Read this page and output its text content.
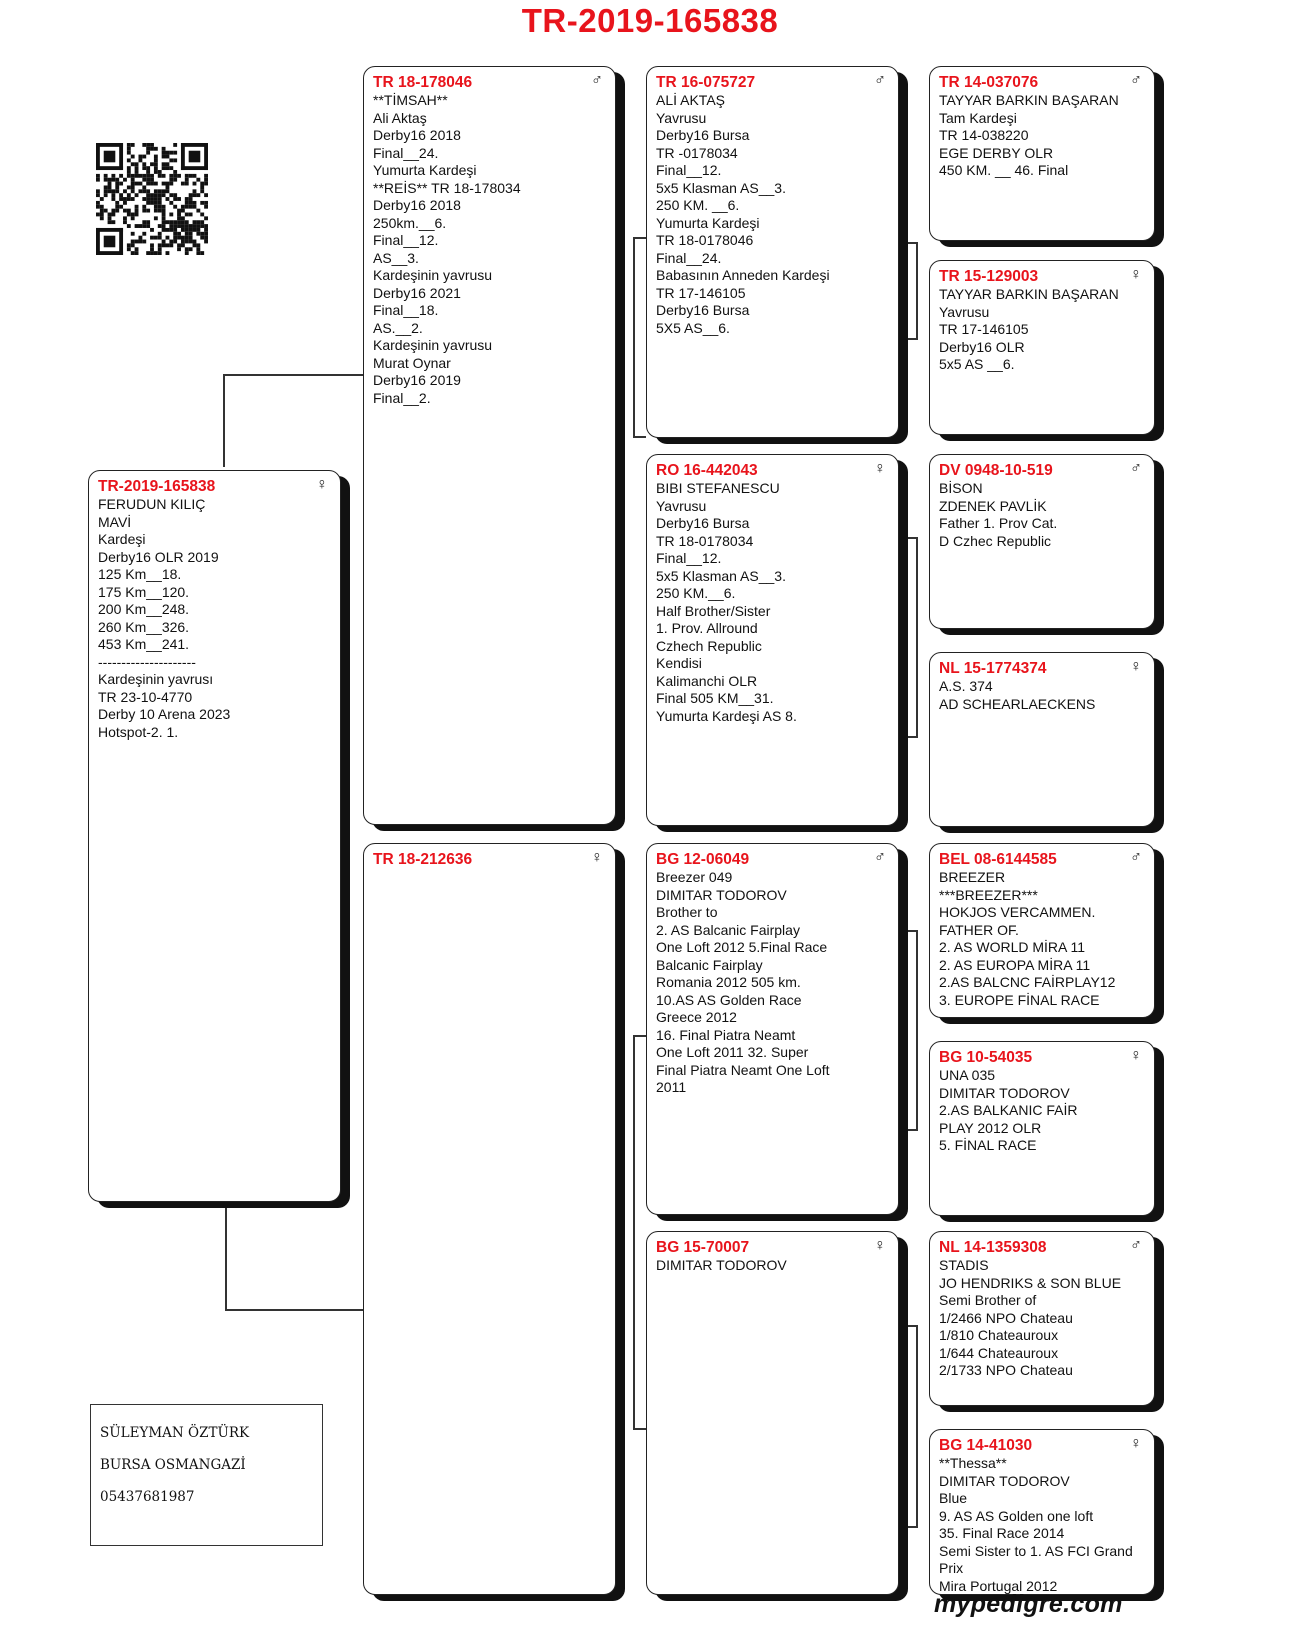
TR-2019-165838
TR-2019-165838	♀
FERUDUN KILIÇ
MAVİ
Kardeşi
Derby16 OLR 2019
125 Km__18.
175 Km__120.
200 Km__248.
260 Km__326.
453 Km__241.
---------------------
Kardeşinin yavrusı
TR 23-10-4770
Derby 10 Arena 2023
Hotspot-2. 1.
TR 18-178046	♂
**TİMSAH**
Ali Aktaş
Derby16 2018
Final__24.
Yumurta Kardeşi
**REİS** TR 18-178034
Derby16 2018
250km.__6.
Final__12.
AS__3.
Kardeşinin yavrusu
Derby16 2021
Final__18.
AS.__2.
Kardeşinin yavrusu
Murat Oynar
Derby16 2019
Final__2.
TR 18-212636	♀
TR 16-075727	♂
ALİ AKTAŞ
Yavrusu
Derby16 Bursa
TR -0178034
Final__12.
5x5 Klasman AS__3.
250 KM. __6.
Yumurta Kardeşi
TR 18-0178046
Final__24.
Babasının Anneden Kardeşi
TR 17-146105
Derby16 Bursa
5X5 AS__6.
RO 16-442043	♀
BIBI STEFANESCU
Yavrusu
Derby16 Bursa
TR 18-0178034
Final__12.
5x5 Klasman AS__3.
250 KM.__6.
Half Brother/Sister
1. Prov. Allround
Czhech Republic
Kendisi
Kalimanchi OLR
Final 505 KM__31.
Yumurta Kardeşi AS 8.
BG 12-06049	♂
Breezer 049
DIMITAR TODOROV
Brother to
2. AS Balcanic Fairplay
One Loft 2012 5.Final Race
Balcanic Fairplay
Romania 2012 505 km.
10.AS AS Golden Race
Greece 2012
16. Final Piatra Neamt
One Loft 2011 32. Super
Final Piatra Neamt One Loft
2011
BG 15-70007	♀
DIMITAR TODOROV
TR 14-037076	♂
TAYYAR BARKIN BAŞARAN
Tam Kardeşi
TR 14-038220
EGE DERBY OLR
450 KM. __ 46. Final
TR 15-129003	♀
TAYYAR BARKIN BAŞARAN
Yavrusu
TR 17-146105
Derby16 OLR
5x5 AS __6.
DV 0948-10-519	♂
BİSON
ZDENEK PAVLİK
Father 1. Prov Cat.
D Czhec Republic
NL 15-1774374	♀
A.S. 374
AD SCHEARLAECKENS
BEL 08-6144585	♂
BREEZER
***BREEZER***
HOKJOS VERCAMMEN.
FATHER OF.
2. AS WORLD MİRA 11
2. AS EUROPA MİRA 11
2.AS BALCNC FAİRPLAY12
3. EUROPE FİNAL RACE
BG 10-54035	♀
UNA 035
DIMITAR TODOROV
2.AS BALKANIC FAİR
PLAY 2012 OLR
5. FİNAL RACE
NL 14-1359308	♂
STADIS
JO HENDRIKS & SON BLUE
Semi Brother of
1/2466 NPO Chateau
1/810 Chateauroux
1/644 Chateauroux
2/1733 NPO Chateau
BG 14-41030	♀
**Thessa**
DIMITAR TODOROV
Blue
9. AS AS Golden one loft
35. Final Race 2014
Semi Sister to 1. AS FCI Grand
Prix
Mira Portugal 2012
SÜLEYMAN ÖZTÜRK
BURSA OSMANGAZİ
05437681987
mypedigre.com
